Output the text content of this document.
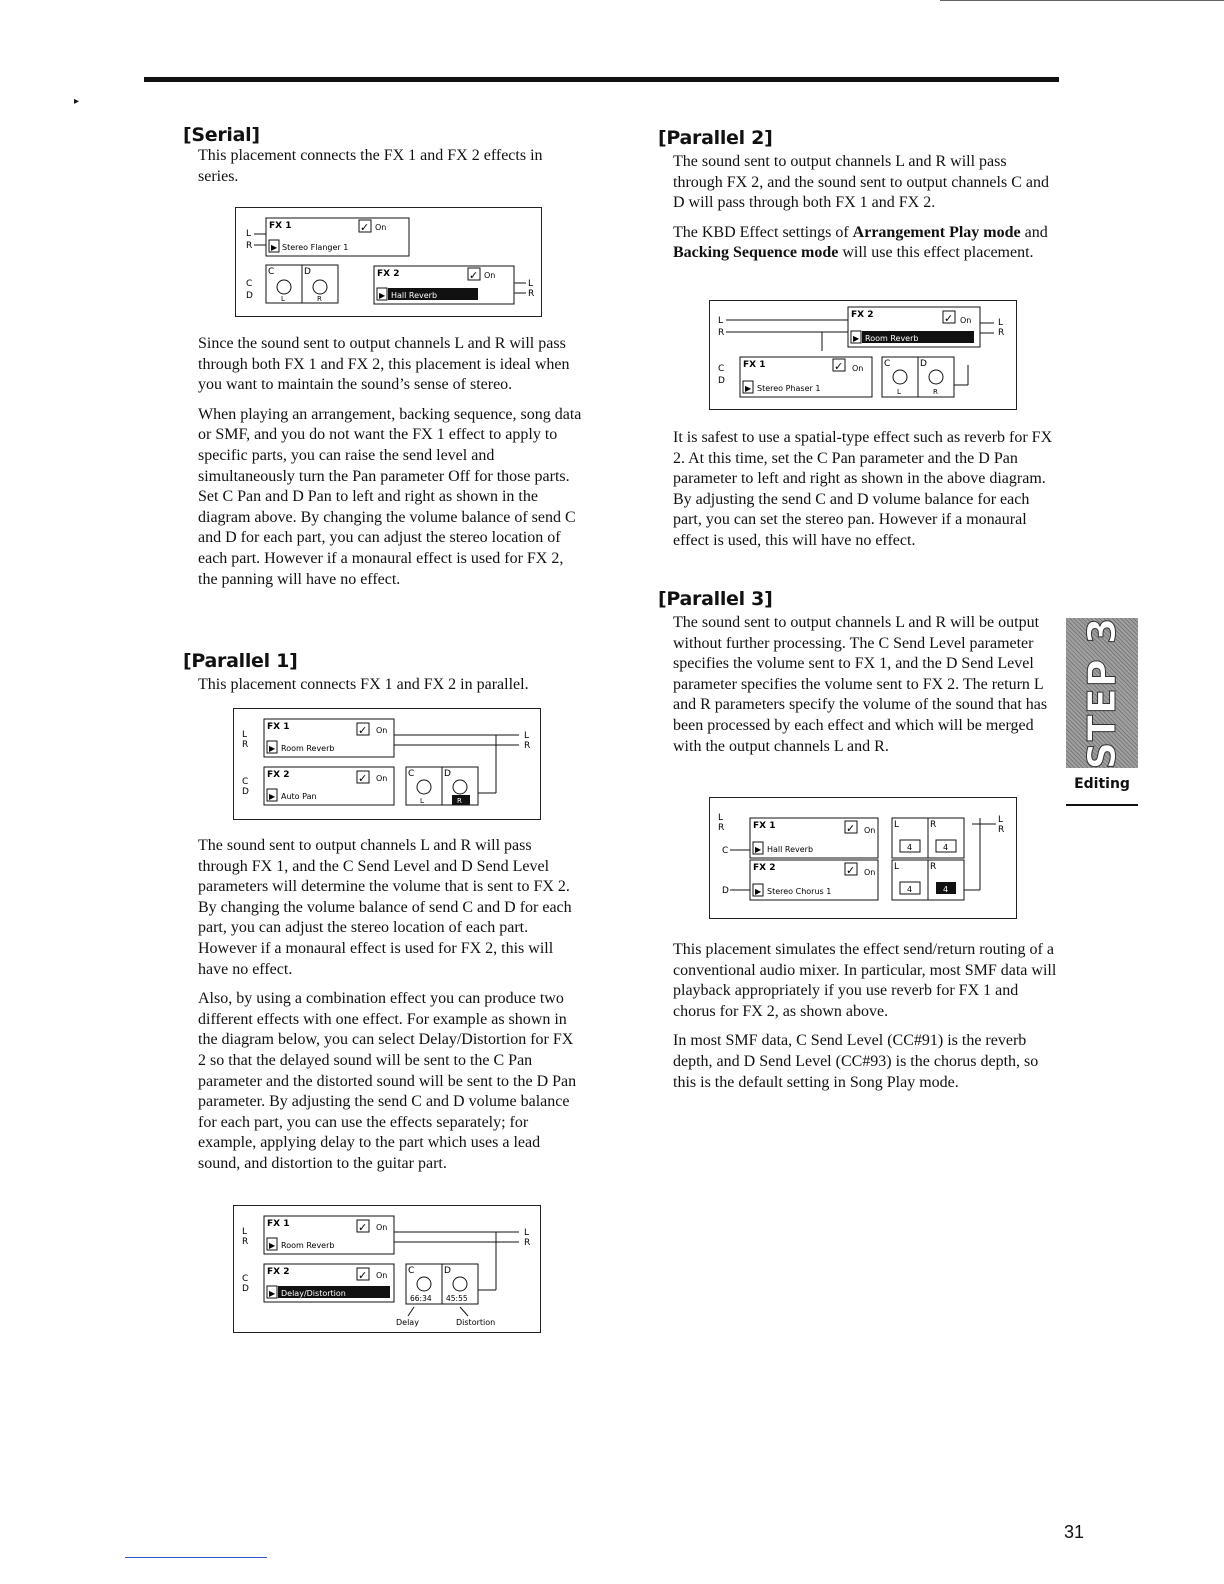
▸
[Serial]

This placement connects the FX 1 and FX 2 effects in series.

L
R
FX 1	✓ On
▶ Stereo Flanger 1
C
D
C	D
L	R
FX 2	✓ On
▶ Hall Reverb
L
R

Since the sound sent to output channels L and R will pass through both FX 1 and FX 2, this placement is ideal when you want to maintain the sound’s sense of stereo.

When playing an arrangement, backing sequence, song data or SMF, and you do not want the FX 1 effect to apply to specific parts, you can raise the send level and simultaneously turn the Pan parameter Off for those parts. Set C Pan and D Pan to left and right as shown in the diagram above. By changing the volume balance of send C and D for each part, you can adjust the stereo location of each part. However if a monaural effect is used for FX 2, the panning will have no effect.

[Parallel 1]

This placement connects FX 1 and FX 2 in parallel.

L
R
FX 1	✓ On
▶ Room Reverb
L
R
C
D
FX 2	✓ On
▶ Auto Pan
C	D
L	R

The sound sent to output channels L and R will pass through FX 1, and the C Send Level and D Send Level parameters will determine the volume that is sent to FX 2. By changing the volume balance of send C and D for each part, you can adjust the stereo location of each part. However if a monaural effect is used for FX 2, this will have no effect.

Also, by using a combination effect you can produce two different effects with one effect. For example as shown in the diagram below, you can select Delay/Distortion for FX 2 so that the delayed sound will be sent to the C Pan parameter and the distorted sound will be sent to the D Pan parameter. By adjusting the send C and D volume balance for each part, you can use the effects separately; for example, applying delay to the part which uses a lead sound, and distortion to the guitar part.

L
R
FX 1	✓ On
▶ Room Reverb
L
R
C
D
FX 2	✓ On
▶ Delay/Distortion
C	D
66:34 45:55
Delay	Distortion
[Parallel 2]

The sound sent to output channels L and R will pass through FX 2, and the sound sent to output channels C and D will pass through both FX 1 and FX 2.

The KBD Effect settings of Arrangement Play mode and Backing Sequence mode will use this effect placement.

L
R
FX 2	✓ On
▶ Room Reverb
L
R
C
D
FX 1	✓ On
▶ Stereo Phaser 1
C	D
L	R

It is safest to use a spatial-type effect such as reverb for FX 2. At this time, set the C Pan parameter and the D Pan parameter to left and right as shown in the above diagram. By adjusting the send C and D volume balance for each part, you can set the stereo pan. However if a monaural effect is used, this will have no effect.

[Parallel 3]

The sound sent to output channels L and R will be output without further processing. The C Send Level parameter specifies the volume sent to FX 1, and the D Send Level parameter specifies the volume sent to FX 2. The return L and R parameters specify the volume of the sound that has been processed by each effect and which will be merged with the output channels L and R.

L
R
C
D
FX 1	✓ On
▶ Hall Reverb
FX 2	✓ On
▶ Stereo Chorus 1
L	R
4	4
L	R
4	4
L
R

This placement simulates the effect send/return routing of a conventional audio mixer. In particular, most SMF data will playback appropriately if you use reverb for FX 1 and chorus for FX 2, as shown above.

In most SMF data, C Send Level (CC#91) is the reverb depth, and D Send Level (CC#93) is the chorus depth, so this is the default setting in Song Play mode.

STEP 3
Editing
31
